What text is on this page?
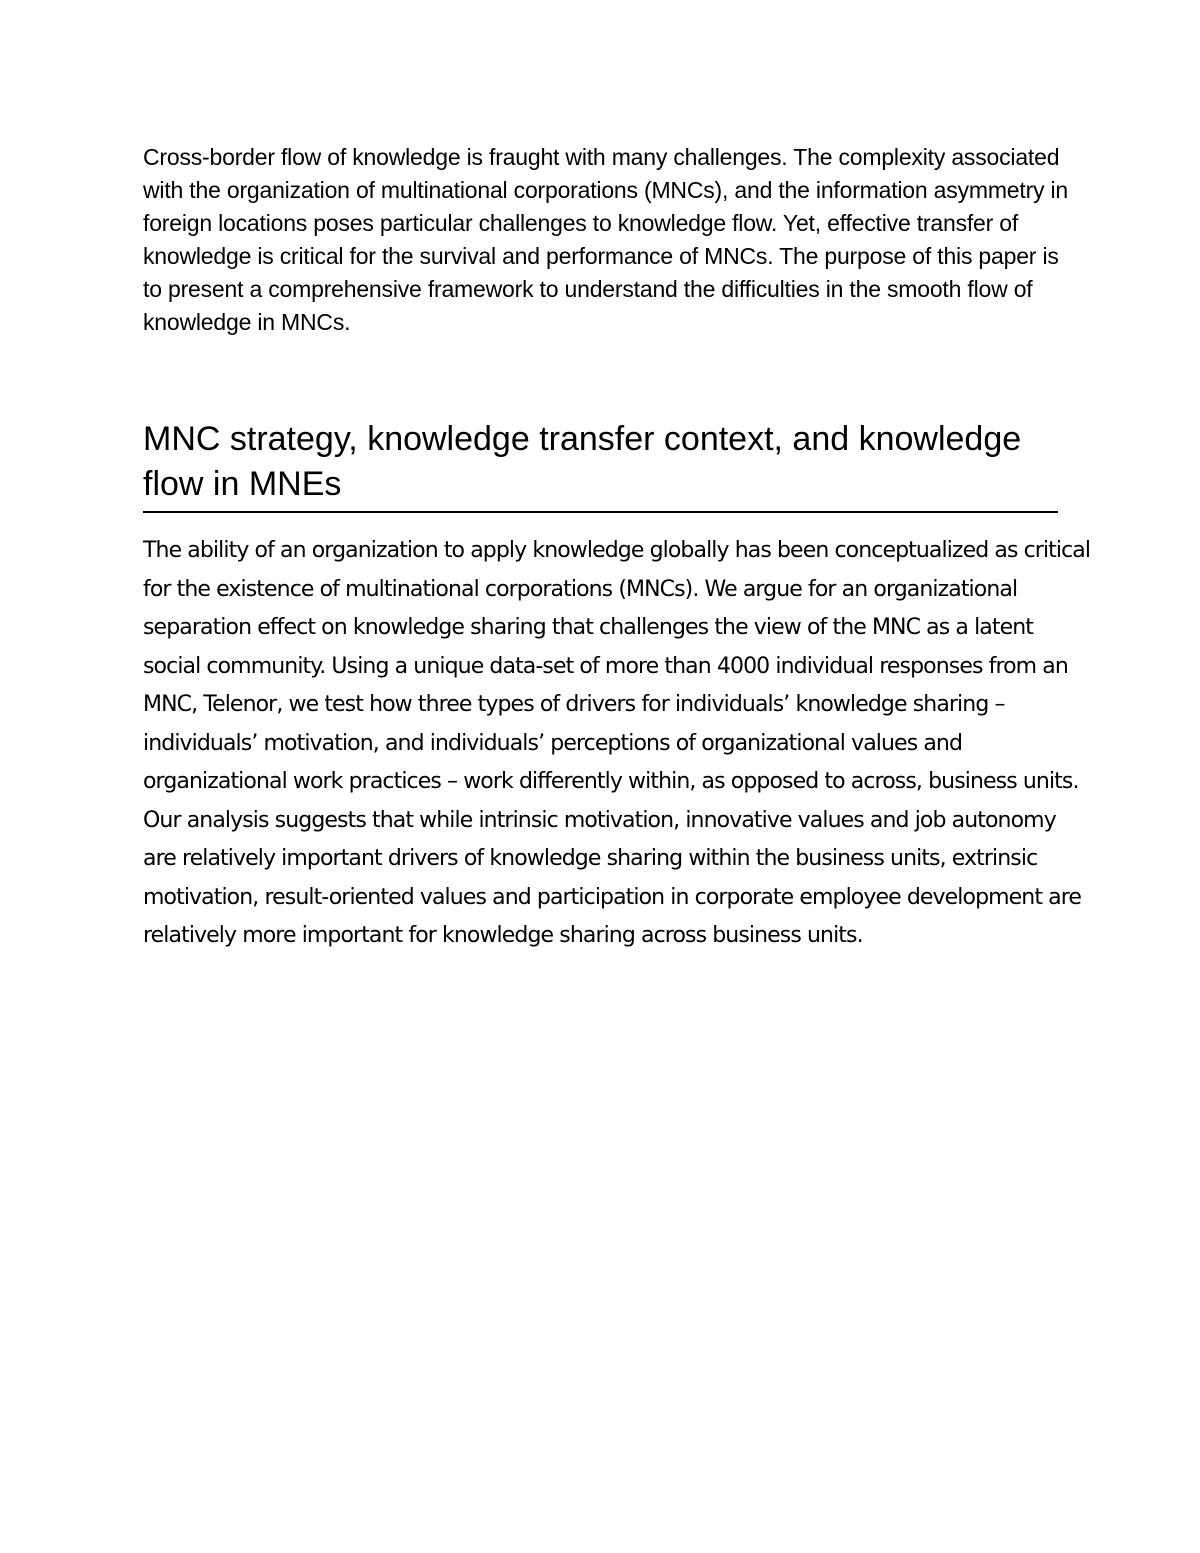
Cross-border flow of knowledge is fraught with many challenges. The complexity associated with the organization of multinational corporations (MNCs), and the information asymmetry in foreign locations poses particular challenges to knowledge flow. Yet, effective transfer of knowledge is critical for the survival and performance of MNCs. The purpose of this paper is to present a comprehensive framework to understand the difficulties in the smooth flow of knowledge in MNCs.

MNC strategy, knowledge transfer context, and knowledge flow in MNEs

The ability of an organization to apply knowledge globally has been conceptualized as critical for the existence of multinational corporations (MNCs). We argue for an organizational separation effect on knowledge sharing that challenges the view of the MNC as a latent social community. Using a unique data-set of more than 4000 individual responses from an MNC, Telenor, we test how three types of drivers for individuals’ knowledge sharing – individuals’ motivation, and individuals’ perceptions of organizational values and organizational work practices – work differently within, as opposed to across, business units. Our analysis suggests that while intrinsic motivation, innovative values and job autonomy are relatively important drivers of knowledge sharing within the business units, extrinsic motivation, result-oriented values and participation in corporate employee development are relatively more important for knowledge sharing across business units.
